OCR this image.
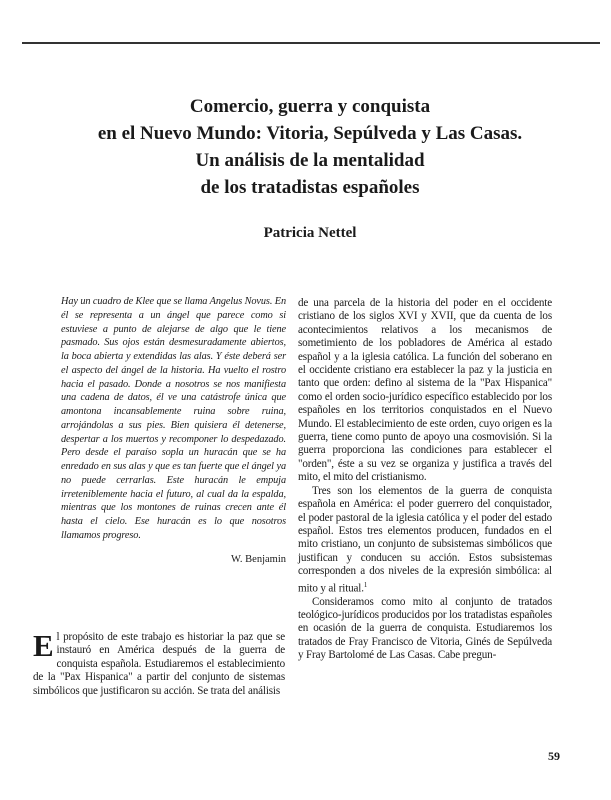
Comercio, guerra y conquista
en el Nuevo Mundo: Vitoria, Sepúlveda y Las Casas.
Un análisis de la mentalidad
de los tratadistas españoles
Patricia Nettel
Hay un cuadro de Klee que se llama Angelus Novus. En él se representa a un ángel que parece como si estuviese a punto de alejarse de algo que le tiene pasmado. Sus ojos están desmesuradamente abiertos, la boca abierta y extendidas las alas. Y éste deberá ser el aspecto del ángel de la historia. Ha vuelto el rostro hacia el pasado. Donde a nosotros se nos manifiesta una cadena de datos, él ve una catástrofe única que amontona incansablemente ruina sobre ruina, arrojándolas a sus pies. Bien quisiera él detenerse, despertar a los muertos y recomponer lo despedazado. Pero desde el paraíso sopla un huracán que se ha enredado en sus alas y que es tan fuerte que el ángel ya no puede cerrarlas. Este huracán le empuja irreteniblemente hacia el futuro, al cual da la espalda, mientras que los montones de ruinas crecen ante él hasta el cielo. Ese huracán es lo que nosotros llamamos progreso.
W. Benjamin
El propósito de este trabajo es historiar la paz que se instauró en América después de la guerra de conquista española. Estudiaremos el establecimiento de la "Pax Hispanica" a partir del conjunto de sistemas simbólicos que justificaron su acción. Se trata del análisis

de una parcela de la historia del poder en el occidente cristiano de los siglos XVI y XVII, que da cuenta de los acontecimientos relativos a los mecanismos de sometimiento de los pobladores de América al estado español y a la iglesia católica. La función del soberano en el occidente cristiano era establecer la paz y la justicia en tanto que orden: defino al sistema de la "Pax Hispanica" como el orden socio-jurídico específico establecido por los españoles en los territorios conquistados en el Nuevo Mundo. El establecimiento de este orden, cuyo origen es la guerra, tiene como punto de apoyo una cosmovisión. Si la guerra proporciona las condiciones para establecer el "orden", éste a su vez se organiza y justifica a través del mito, el mito del cristianismo.

Tres son los elementos de la guerra de conquista española en América: el poder guerrero del conquistador, el poder pastoral de la iglesia católica y el poder del estado español. Estos tres elementos producen, fundados en el mito cristiano, un conjunto de subsistemas simbólicos que justifican y conducen su acción. Estos subsistemas corresponden a dos niveles de la expresión simbólica: al mito y al ritual.$^1$

Consideramos como mito al conjunto de tratados teológico-jurídicos producidos por los tratadistas españoles en ocasión de la guerra de conquista. Estudiaremos los tratados de Fray Francisco de Vitoria, Ginés de Sepúlveda y Fray Bartolomé de Las Casas. Cabe pregun-

59
